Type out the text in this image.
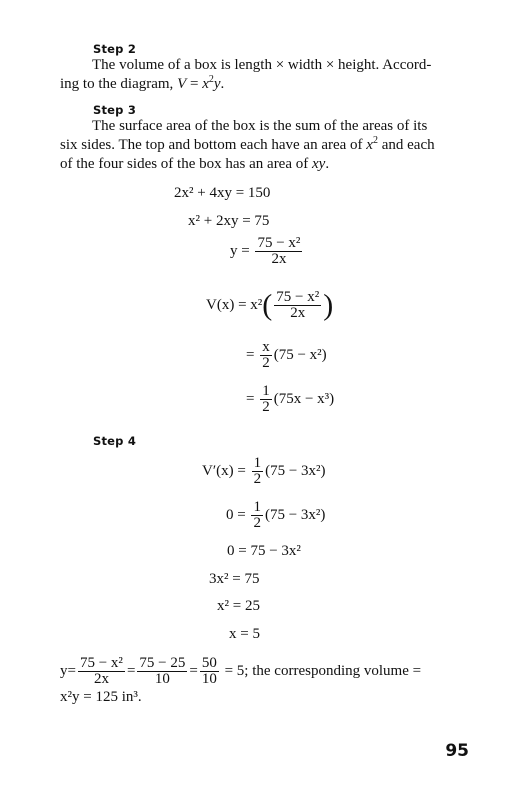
Step 2
The volume of a box is length × width × height. Accord-
ing to the diagram, $V = x^2y$.
Step 3
The surface area of the box is the sum of the areas of its
six sides. The top and bottom each have an area of $x^2$ and each
of the four sides of the box has an area of xy.
2x² + 4xy = 150
x² + 2xy = 75
$y = \frac{\text{75 − x²}}{2x}$
$V(x) = x^2( \frac{\text{75 − x²}}{2x}$ )
= $\frac{x}{2} (75 - x^2)$
= $\frac{1}{2} (75x - x^3)$
Step 4
$V'(x) = \frac{1}{2} (75 - 3x^2)$
$0 = \frac{1}{2} (75 - 3x^2)$
0 = 75 − 3x²
3x² = 75
x² = 25
x = 5
$y= \frac{\text{75 − x²}}{2x} = \frac{75 - 25}{10} = \frac{50}{10} = 5$; the corresponding volume =
x²y = 125 in³.
95
